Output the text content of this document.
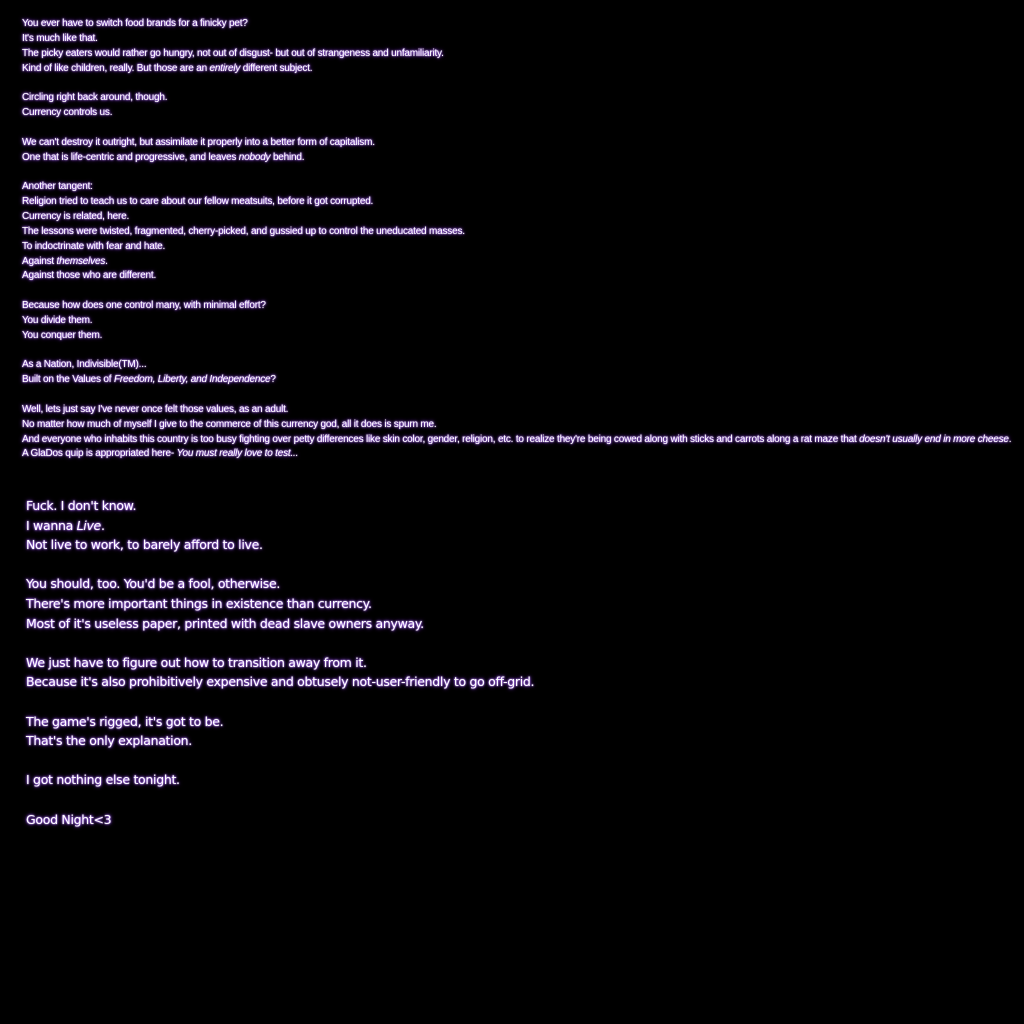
You ever have to switch food brands for a finicky pet?
It's much like that.
The picky eaters would rather go hungry, not out of disgust- but out of strangeness and unfamiliarity.
Kind of like children, really. But those are an entirely different subject.
Circling right back around, though.
Currency controls us.
We can't destroy it outright, but assimilate it properly into a better form of capitalism.
One that is life-centric and progressive, and leaves nobody behind.
Another tangent:
Religion tried to teach us to care about our fellow meatsuits, before it got corrupted.
Currency is related, here.
The lessons were twisted, fragmented, cherry-picked, and gussied up to control the uneducated masses.
To indoctrinate with fear and hate.
Against themselves.
Against those who are different.
Because how does one control many, with minimal effort?
You divide them.
You conquer them.
As a Nation, Indivisible(TM)...
Built on the Values of Freedom, Liberty, and Independence?
Well, lets just say I've never once felt those values, as an adult.
No matter how much of myself I give to the commerce of this currency god, all it does is spurn me.
And everyone who inhabits this country is too busy fighting over petty differences like skin color, gender, religion, etc. to realize they're being cowed along with sticks and carrots along a rat maze that doesn't usually end in more cheese.
A GlaDos quip is appropriated here- You must really love to test...
Fuck. I don't know.
I wanna Live.
Not live to work, to barely afford to live.
You should, too. You'd be a fool, otherwise.
There's more important things in existence than currency.
Most of it's useless paper, printed with dead slave owners anyway.
We just have to figure out how to transition away from it.
Because it's also prohibitively expensive and obtusely not-user-friendly to go off-grid.
The game's rigged, it's got to be.
That's the only explanation.
I got nothing else tonight.
Good Night<3
